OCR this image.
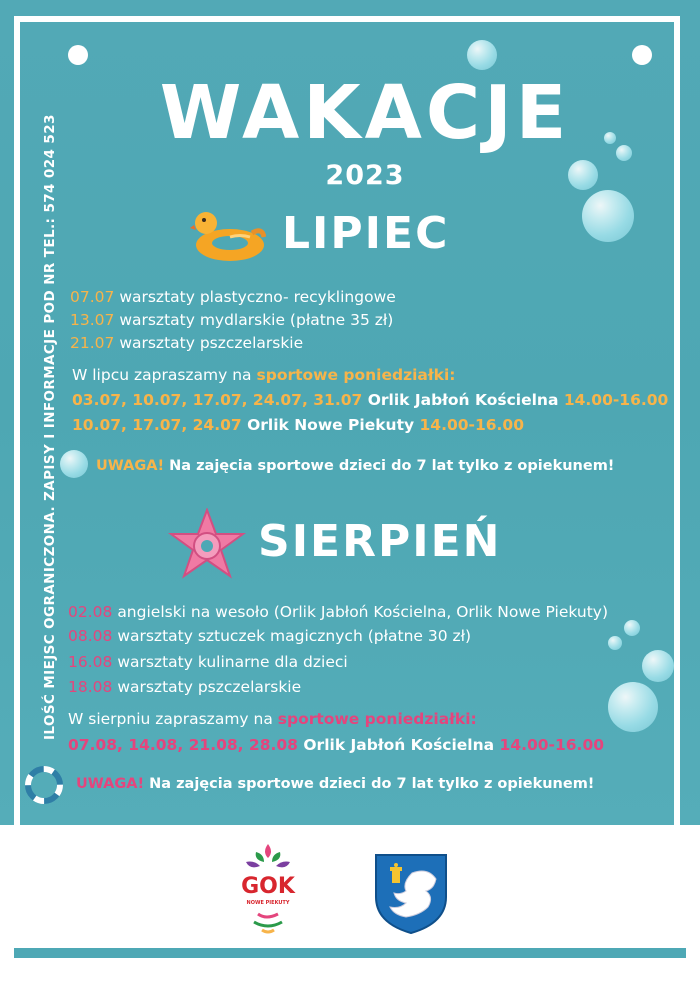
ILOŚĆ MIEJSC OGRANICZONA. ZAPISY I INFORMACJE POD NR TEL.: 574 024 523
WAKACJE
2023
LIPIEC
07.07 warsztaty plastyczno- recyklingowe
13.07 warsztaty mydlarskie (płatne 35 zł)
21.07 warsztaty pszczelarskie
W lipcu zapraszamy na sportowe poniedziałki:
03.07, 10.07, 17.07, 24.07, 31.07 Orlik Jabłoń Kościelna 14.00-16.00
10.07, 17.07, 24.07 Orlik Nowe Piekuty 14.00-16.00
UWAGA! Na zajęcia sportowe dzieci do 7 lat tylko z opiekunem!
SIERPIEŃ
02.08 angielski na wesoło (Orlik Jabłoń Kościelna, Orlik Nowe Piekuty)
08.08 warsztaty sztuczek magicznych (płatne 30 zł)
16.08 warsztaty kulinarne dla dzieci
18.08 warsztaty pszczelarskie
W sierpniu zapraszamy na sportowe poniedziałki:
07.08, 14.08, 21.08, 28.08 Orlik Jabłoń Kościelna 14.00-16.00
UWAGA! Na zajęcia sportowe dzieci do 7 lat tylko z opiekunem!
GOK
NOWE PIEKUTY
